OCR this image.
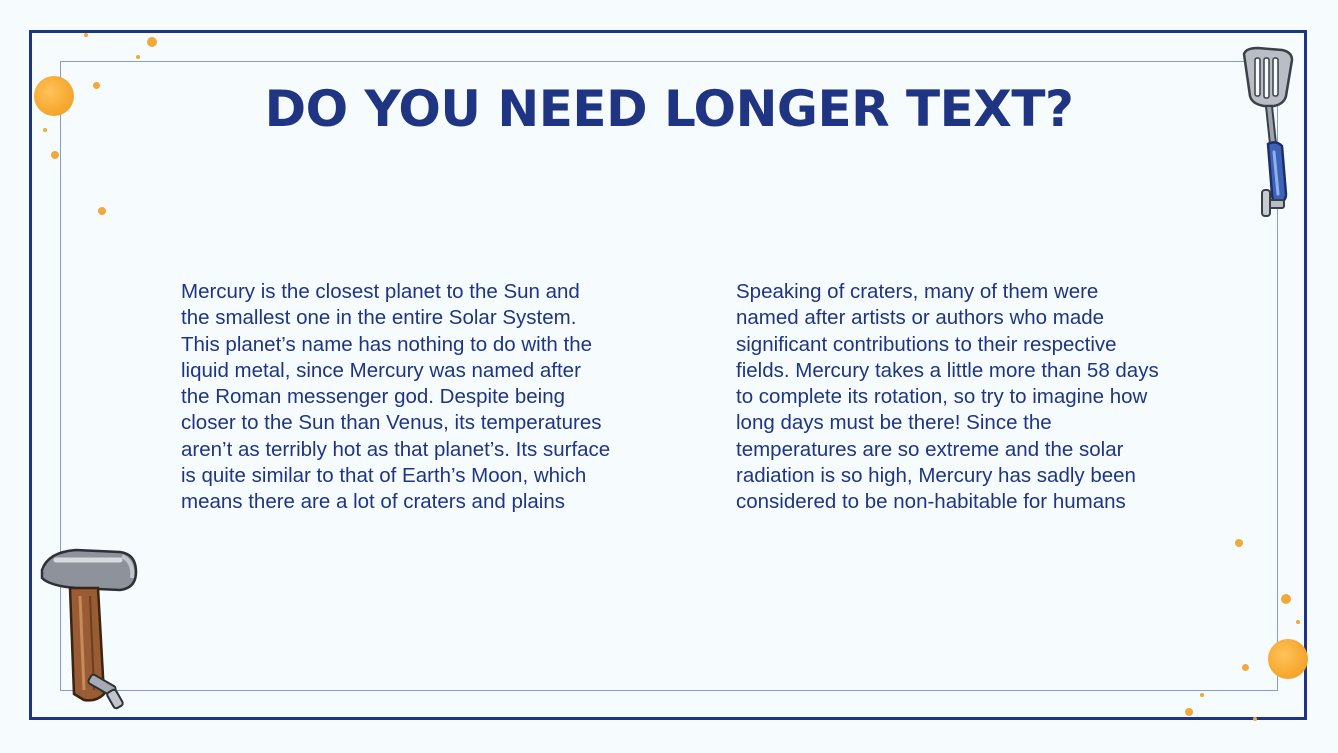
DO YOU NEED LONGER TEXT?

Mercury is the closest planet to the Sun and the smallest one in the entire Solar System. This planet’s name has nothing to do with the liquid metal, since Mercury was named after the Roman messenger god. Despite being closer to the Sun than Venus, its temperatures aren’t as terribly hot as that planet’s. Its surface is quite similar to that of Earth’s Moon, which means there are a lot of craters and plains

Speaking of craters, many of them were named after artists or authors who made significant contributions to their respective fields. Mercury takes a little more than 58 days to complete its rotation, so try to imagine how long days must be there! Since the temperatures are so extreme and the solar radiation is so high, Mercury has sadly been considered to be non-habitable for humans
